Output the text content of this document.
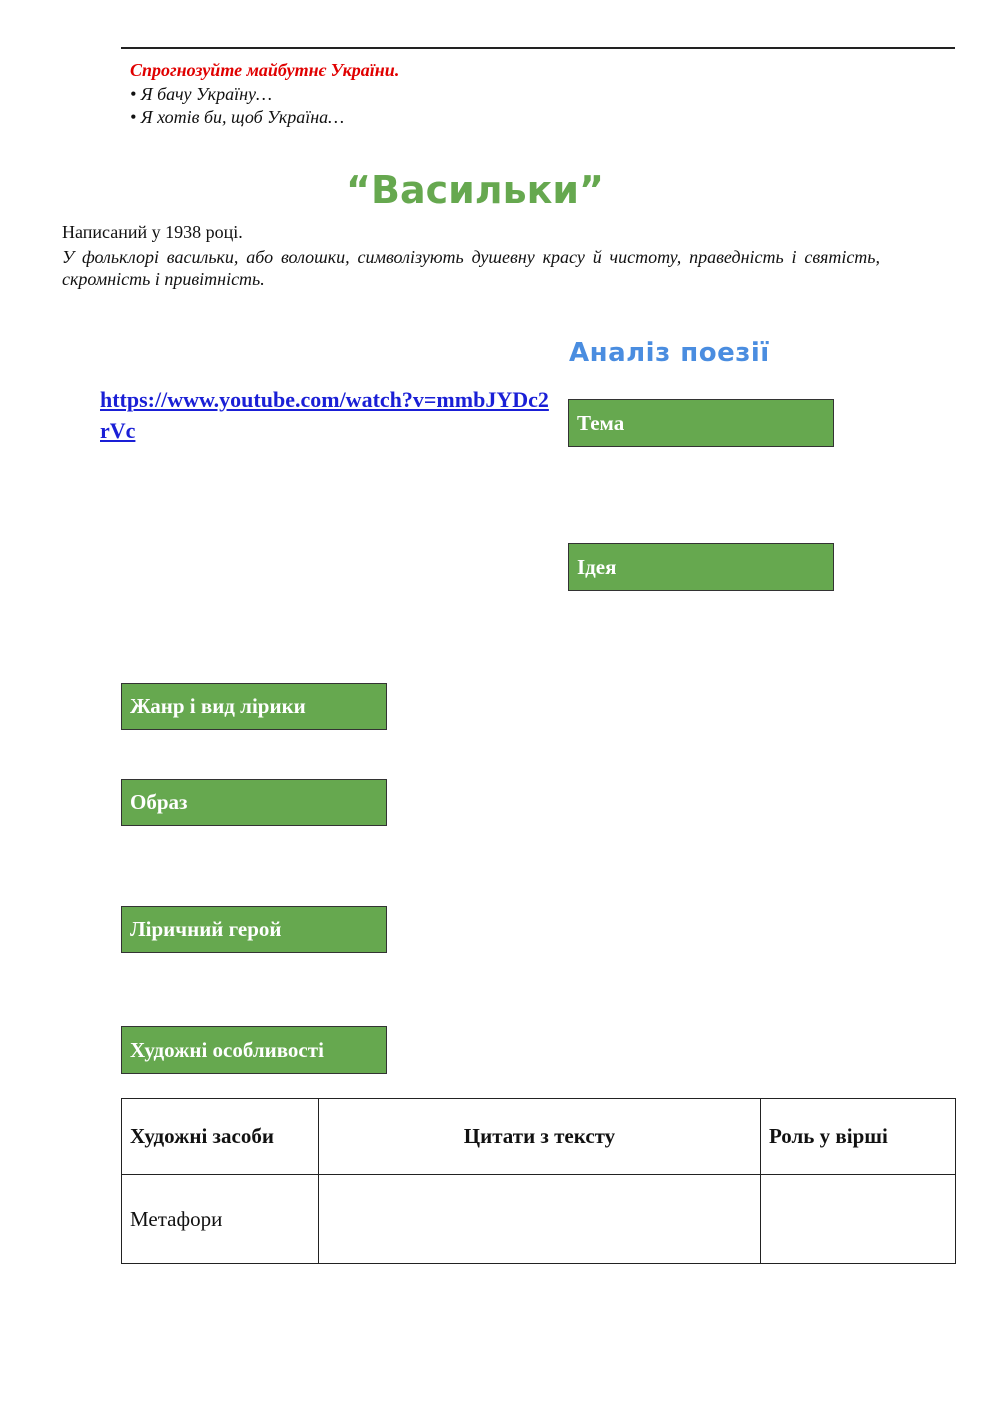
Спрогнозуйте майбутнє України.
• Я бачу Україну…
• Я хотів би, щоб Україна…
“Васильки”
Написаний у 1938 році.
У фольклорі васильки, або волошки, символізують душевну красу й чистоту, праведність і святість, скромність і привітність.
Аналіз поезії
https://www.youtube.com/watch?v=mmbJYDc2rVc	Тема
Ідея
Жанр і вид лірики
Образ
Ліричний герой
Художні особливості
Художні засоби	Цитати з тексту	Роль у вірші
Метафори		
